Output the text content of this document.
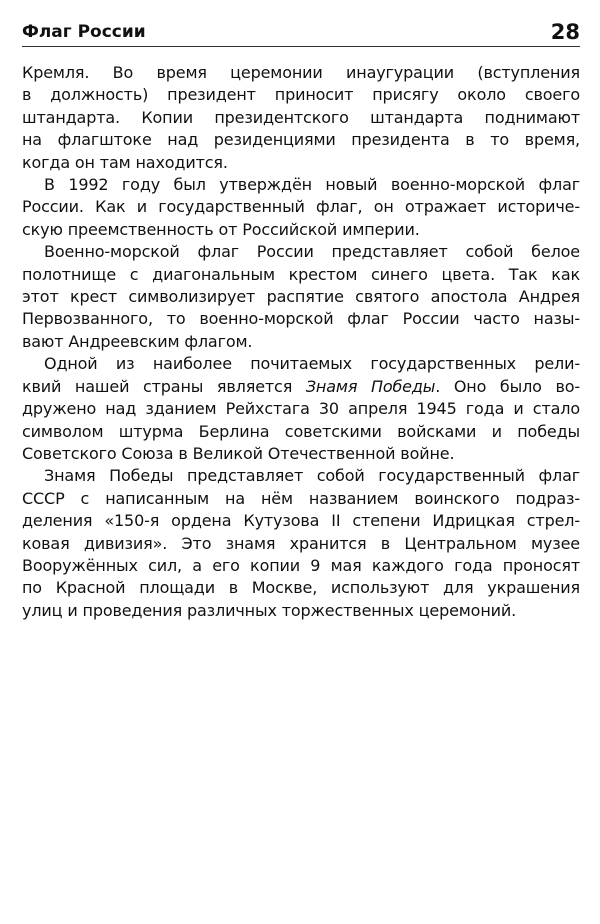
Флаг России	28
Кремля. Во время церемонии инаугурации (вступления
в должность) президент приносит присягу около своего
штандарта. Копии президентского штандарта поднимают
на флагштоке над резиденциями президента в то время,
когда он там находится.
В 1992 году был утверждён новый военно-морской флаг
России. Как и государственный флаг, он отражает историче-
скую преемственность от Российской империи.
Военно-морской флаг России представляет собой белое
полотнище с диагональным крестом синего цвета. Так как
этот крест символизирует распятие святого апостола Андрея
Первозванного, то военно-морской флаг России часто назы-
вают Андреевским флагом.
Одной из наиболее почитаемых государственных рели-
квий нашей страны является Знамя Победы. Оно было во-
дружено над зданием Рейхстага 30 апреля 1945 года и стало
символом штурма Берлина советскими войсками и победы
Советского Союза в Великой Отечественной войне.
Знамя Победы представляет собой государственный флаг
СССР с написанным на нём названием воинского подраз-
деления «150-я ордена Кутузова II степени Идрицкая стрел-
ковая дивизия». Это знамя хранится в Центральном музее
Вооружённых сил, а его копии 9 мая каждого года проносят
по Красной площади в Москве, используют для украшения
улиц и проведения различных торжественных церемоний.
